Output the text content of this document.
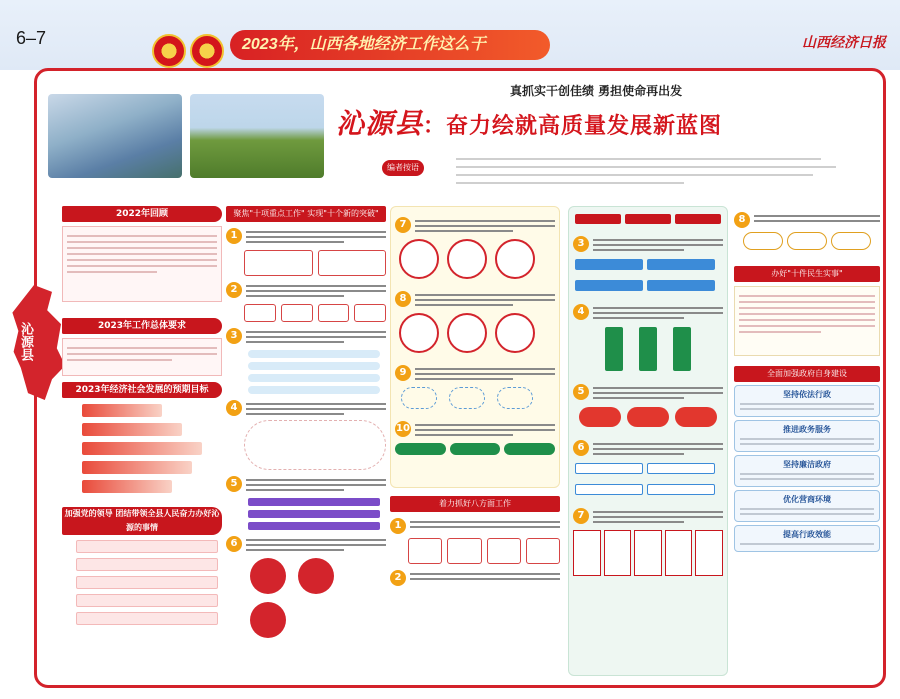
6–7	2023年，山西各地经济工作这么干	山西经济日报
真抓实干创佳绩 勇担使命再出发
沁源县：奋力绘就高质量发展新蓝图
编者按语
沁源县
2022年回顾
2023年工作总体要求
2023年经济社会发展的预期目标
加强党的领导 团结带领全县人民奋力办好沁源的事情
聚焦"十项重点工作" 实现"十个新的突破"
1
2
3
4
5
6
7
8
9
10
着力抓好八方面工作
1
2
3
4
5
6
7
8
办好"十件民生实事"
全面加强政府自身建设
坚持依法行政
推进政务服务
坚持廉洁政府
优化营商环境
提高行政效能
